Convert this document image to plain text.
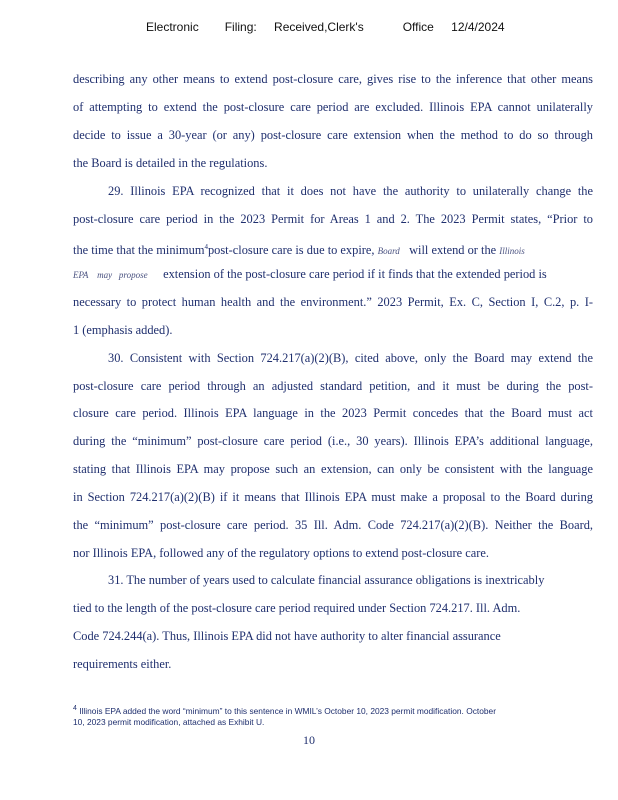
Electronic      Filing:    Received,Clerk's         Office    12/4/2024
describing any other means to extend post-closure care, gives rise to the inference that other means
of attempting to extend the post-closure care period are excluded. Illinois EPA cannot unilaterally
decide to issue a 30-year (or any) post-closure care extension when the method to do so through
the Board is detailed in the regulations.
29. Illinois EPA recognized that it does not have the authority to unilaterally change the
post-closure care period in the 2023 Permit for Areas 1 and 2. The 2023 Permit states, “Prior to
the time that the minimum$^4$post-closure care is due to expire, Board will extend or the Illinois
EPA    may   propose extension of the post-closure care period if it finds that the extended period is
necessary to protect human health and the environment.” 2023 Permit, Ex. C, Section I, C.2, p. I-
1 (emphasis added).
30. Consistent with Section 724.217(a)(2)(B), cited above, only the Board may extend the
post-closure care period through an adjusted standard petition, and it must be during the post-
closure care period. Illinois EPA language in the 2023 Permit concedes that the Board must act
during the “minimum” post-closure care period (i.e., 30 years). Illinois EPA’s additional language,
stating that Illinois EPA may propose such an extension, can only be consistent with the language
in Section 724.217(a)(2)(B) if it means that Illinois EPA must make a proposal to the Board during
the “minimum” post-closure care period. 35 Ill. Adm. Code 724.217(a)(2)(B). Neither the Board,
nor Illinois EPA, followed any of the regulatory options to extend post-closure care.
31. The number of years used to calculate financial assurance obligations is inextricably
tied to the length of the post-closure care period required under Section 724.217. Ill. Adm.
Code 724.244(a). Thus, Illinois EPA did not have authority to alter financial assurance
requirements either.
$^4$ Illinois EPA added the word “minimum” to this sentence in WMIL’s October 10, 2023 permit modification. October
10, 2023 permit modification, attached as Exhibit U.
10
